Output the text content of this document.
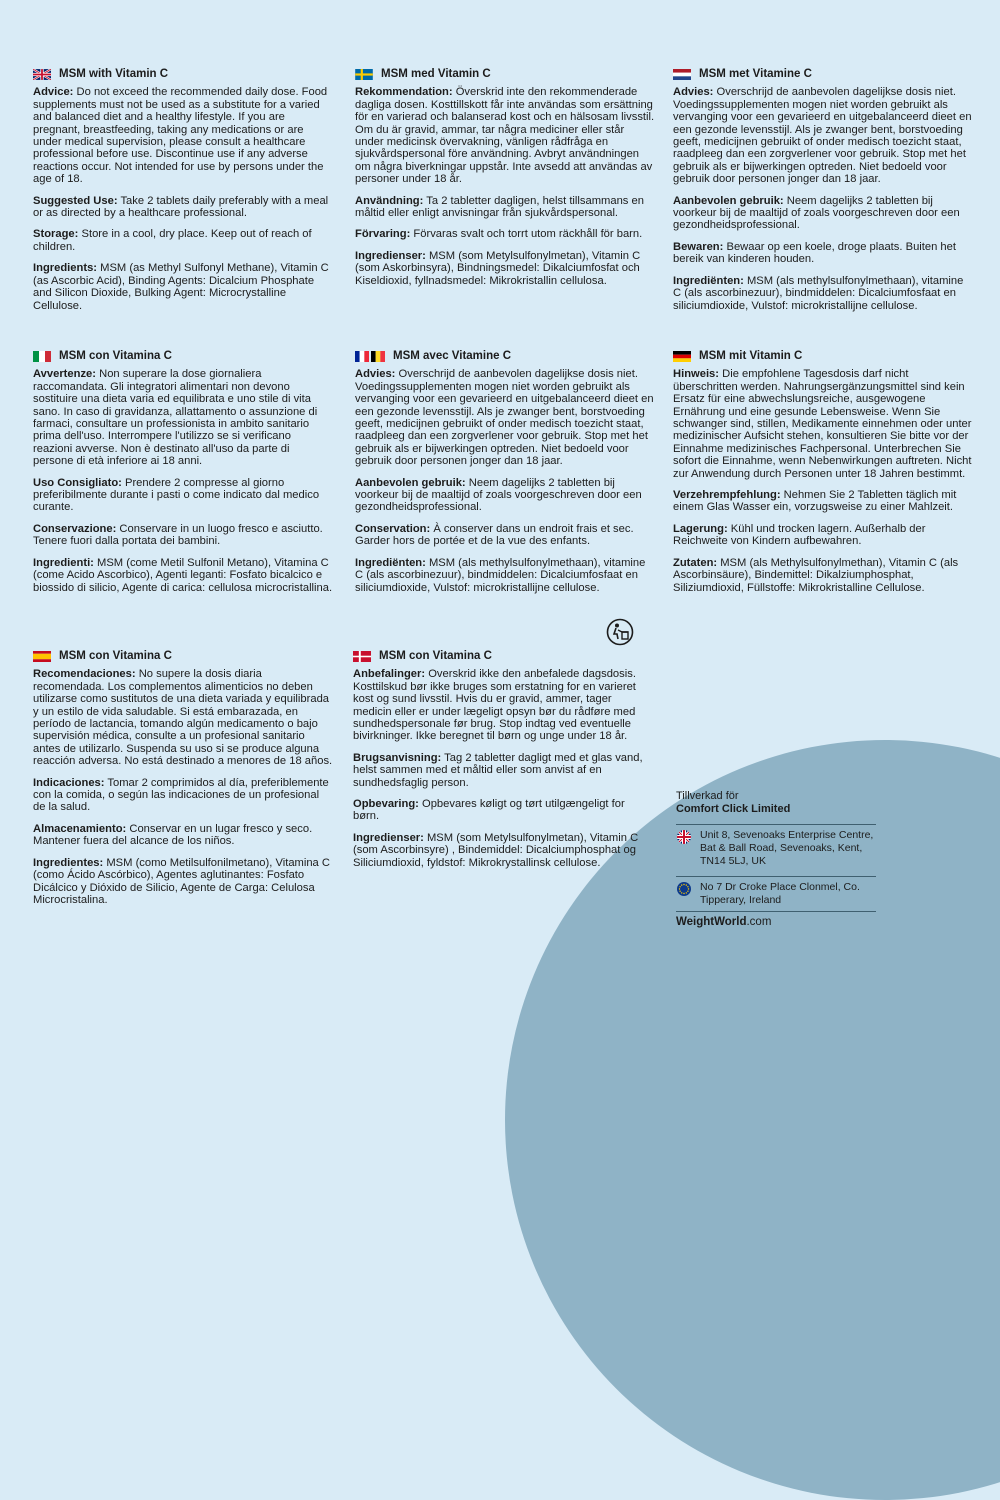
MSM with Vitamin C

Advice: Do not exceed the recommended daily dose. Food supplements must not be used as a substitute for a varied and balanced diet and a healthy lifestyle. If you are pregnant, breastfeeding, taking any medications or are under medical supervision, please consult a healthcare professional before use. Discontinue use if any adverse reactions occur. Not intended for use by persons under the age of 18.

Suggested Use: Take 2 tablets daily preferably with a meal or as directed by a healthcare professional.

Storage: Store in a cool, dry place. Keep out of reach of children.

Ingredients: MSM (as Methyl Sulfonyl Methane), Vitamin C (as Ascorbic Acid), Binding Agents: Dicalcium Phosphate and Silicon Dioxide, Bulking Agent: Microcrystalline Cellulose.

MSM med Vitamin C

Rekommendation: Överskrid inte den rekommenderade dagliga dosen. Kosttillskott får inte användas som ersättning för en varierad och balanserad kost och en hälsosam livsstil. Om du är gravid, ammar, tar några mediciner eller står under medicinsk övervakning, vänligen rådfråga en sjukvårdspersonal före användning. Avbryt användningen om några biverkningar uppstår. Inte avsedd att användas av personer under 18 år.

Användning: Ta 2 tabletter dagligen, helst tillsammans en måltid eller enligt anvisningar från sjukvårdspersonal.

Förvaring: Förvaras svalt och torrt utom räckhåll för barn.

Ingredienser: MSM (som Metylsulfonylmetan), Vitamin C (som Askorbinsyra), Bindningsmedel: Dikalciumfosfat och Kiseldioxid, fyllnadsmedel: Mikrokristallin cellulosa.

MSM met Vitamine C

Advies: Overschrijd de aanbevolen dagelijkse dosis niet. Voedingssupplementen mogen niet worden gebruikt als vervanging voor een gevarieerd en uitgebalanceerd dieet en een gezonde levensstijl. Als je zwanger bent, borstvoeding geeft, medicijnen gebruikt of onder medisch toezicht staat, raadpleeg dan een zorgverlener voor gebruik. Stop met het gebruik als er bijwerkingen optreden. Niet bedoeld voor gebruik door personen jonger dan 18 jaar.

Aanbevolen gebruik: Neem dagelijks 2 tabletten bij voorkeur bij de maaltijd of zoals voorgeschreven door een gezondheidsprofessional.

Bewaren: Bewaar op een koele, droge plaats. Buiten het bereik van kinderen houden.

Ingrediënten: MSM (als methylsulfonylmethaan), vitamine C (als ascorbinezuur), bindmiddelen: Dicalciumfosfaat en siliciumdioxide, Vulstof: microkristallijne cellulose.

MSM con Vitamina C

Avvertenze: Non superare la dose giornaliera raccomandata. Gli integratori alimentari non devono sostituire una dieta varia ed equilibrata e uno stile di vita sano. In caso di gravidanza, allattamento o assunzione di farmaci, consultare un professionista in ambito sanitario prima dell'uso. Interrompere l'utilizzo se si verificano reazioni avverse. Non è destinato all'uso da parte di persone di età inferiore ai 18 anni.

Uso Consigliato: Prendere 2 compresse al giorno preferibilmente durante i pasti o come indicato dal medico curante.

Conservazione: Conservare in un luogo fresco e asciutto. Tenere fuori dalla portata dei bambini.

Ingredienti: MSM (come Metil Sulfonil Metano), Vitamina C (come Acido Ascorbico), Agenti leganti: Fosfato bicalcico e biossido di silicio, Agente di carica: cellulosa microcristallina.

MSM avec Vitamine C

Advies: Overschrijd de aanbevolen dagelijkse dosis niet. Voedingssupplementen mogen niet worden gebruikt als vervanging voor een gevarieerd en uitgebalanceerd dieet en een gezonde levensstijl. Als je zwanger bent, borstvoeding geeft, medicijnen gebruikt of onder medisch toezicht staat, raadpleeg dan een zorgverlener voor gebruik. Stop met het gebruik als er bijwerkingen optreden. Niet bedoeld voor gebruik door personen jonger dan 18 jaar.

Aanbevolen gebruik: Neem dagelijks 2 tabletten bij voorkeur bij de maaltijd of zoals voorgeschreven door een gezondheidsprofessional.

Conservation: À conserver dans un endroit frais et sec. Garder hors de portée et de la vue des enfants.

Ingrediënten: MSM (als methylsulfonylmethaan), vitamine C (als ascorbinezuur), bindmiddelen: Dicalciumfosfaat en siliciumdioxide, Vulstof: microkristallijne cellulose.

MSM mit Vitamin C

Hinweis: Die empfohlene Tagesdosis darf nicht überschritten werden. Nahrungsergänzungsmittel sind kein Ersatz für eine abwechslungsreiche, ausgewogene Ernährung und eine gesunde Lebensweise. Wenn Sie schwanger sind, stillen, Medikamente einnehmen oder unter medizinischer Aufsicht stehen, konsultieren Sie bitte vor der Einnahme medizinisches Fachpersonal. Unterbrechen Sie sofort die Einnahme, wenn Nebenwirkungen auftreten. Nicht zur Anwendung durch Personen unter 18 Jahren bestimmt.

Verzehrempfehlung: Nehmen Sie 2 Tabletten täglich mit einem Glas Wasser ein, vorzugsweise zu einer Mahlzeit.

Lagerung: Kühl und trocken lagern. Außerhalb der Reichweite von Kindern aufbewahren.

Zutaten: MSM (als Methylsulfonylmethan), Vitamin C (als Ascorbinsäure), Bindemittel: Dikalziumphosphat, Siliziumdioxid, Füllstoffe: Mikrokristalline Cellulose.

MSM con Vitamina C

Recomendaciones: No supere la dosis diaria recomendada. Los complementos alimenticios no deben utilizarse como sustitutos de una dieta variada y equilibrada y un estilo de vida saludable. Si está embarazada, en período de lactancia, tomando algún medicamento o bajo supervisión médica, consulte a un profesional sanitario antes de utilizarlo. Suspenda su uso si se produce alguna reacción adversa. No está destinado a menores de 18 años.

Indicaciones: Tomar 2 comprimidos al día, preferiblemente con la comida, o según las indicaciones de un profesional de la salud.

Almacenamiento: Conservar en un lugar fresco y seco. Mantener fuera del alcance de los niños.

Ingredientes: MSM (como Metilsulfonilmetano), Vitamina C (como Ácido Ascórbico), Agentes aglutinantes: Fosfato Dicálcico y Dióxido de Silicio, Agente de Carga: Celulosa Microcristalina.

MSM con Vitamina C

Anbefalinger: Overskrid ikke den anbefalede dagsdosis. Kosttilskud bør ikke bruges som erstatning for en varieret kost og sund livsstil. Hvis du er gravid, ammer, tager medicin eller er under lægeligt opsyn bør du rådføre med sundhedspersonale før brug. Stop indtag ved eventuelle bivirkninger. Ikke beregnet til børn og unge under 18 år.

Brugsanvisning: Tag 2 tabletter dagligt med et glas vand, helst sammen med et måltid eller som anvist af en sundhedsfaglig person.

Opbevaring: Opbevares køligt og tørt utilgængeligt for børn.

Ingredienser: MSM (som Metylsulfonylmetan), Vitamin C (som Ascorbinsyre) , Bindemiddel: Dicalciumphosphat og Siliciumdioxid, fyldstof: Mikrokrystallinsk cellulose.

Tillverkad för
Comfort Click Limited
Unit 8, Sevenoaks Enterprise Centre, Bat & Ball Road, Sevenoaks, Kent, TN14 5LJ, UK
No 7 Dr Croke Place Clonmel, Co. Tipperary, Ireland
WeightWorld.com
